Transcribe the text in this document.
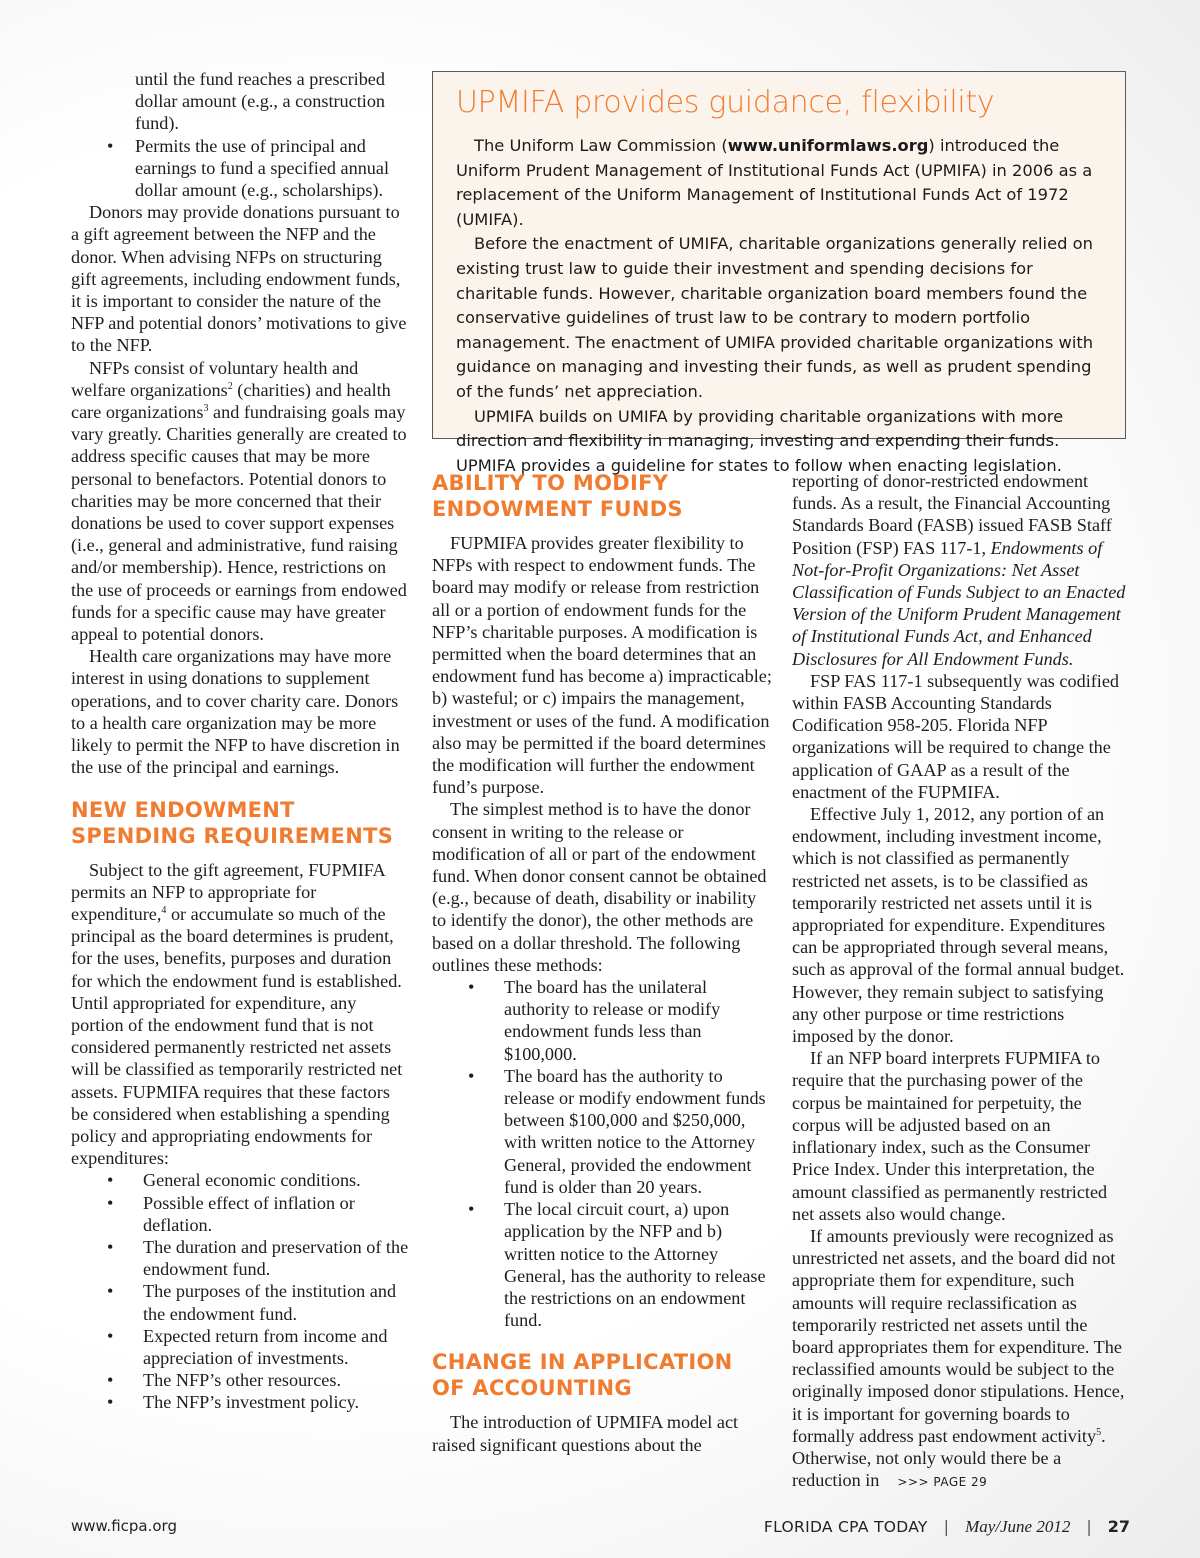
UPMIFA provides guidance, flexibility

The Uniform Law Commission (www.uniformlaws.org) introduced the Uniform Prudent Management of Institutional Funds Act (UPMIFA) in 2006 as a replacement of the Uniform Management of Institutional Funds Act of 1972 (UMIFA).

Before the enactment of UMIFA, charitable organizations generally relied on existing trust law to guide their investment and spending decisions for charitable funds. However, charitable organization board members found the conservative guidelines of trust law to be contrary to modern portfolio management. The enactment of UMIFA provided charitable organizations with guidance on managing and investing their funds, as well as prudent spending of the funds’ net appreciation.

UPMIFA builds on UMIFA by providing charitable organizations with more direction and flexibility in managing, investing and expending their funds. UPMIFA provides a guideline for states to follow when enacting legislation.

until the fund reaches a prescribed dollar amount (e.g., a construction fund).
• Permits the use of principal and earnings to fund a specified annual dollar amount (e.g., scholarships).

Donors may provide donations pursuant to a gift agreement between the NFP and the donor. When advising NFPs on structuring gift agreements, including endowment funds, it is important to consider the nature of the NFP and potential donors’ motivations to give to the NFP.

NFPs consist of voluntary health and welfare organizations$^2$ (charities) and health care organizations$^3$ and fundraising goals may vary greatly. Charities generally are created to address specific causes that may be more personal to benefactors. Potential donors to charities may be more concerned that their donations be used to cover support expenses (i.e., general and administrative, fund raising and/or membership). Hence, restrictions on the use of proceeds or earnings from endowed funds for a specific cause may have greater appeal to potential donors.

Health care organizations may have more interest in using donations to supplement operations, and to cover charity care. Donors to a health care organization may be more likely to permit the NFP to have discretion in the use of the principal and earnings.

NEW ENDOWMENT SPENDING REQUIREMENTS

Subject to the gift agreement, FUPMIFA permits an NFP to appropriate for expenditure,$^4$ or accumulate so much of the principal as the board determines is prudent, for the uses, benefits, purposes and duration for which the endowment fund is established. Until appropriated for expenditure, any portion of the endowment fund that is not considered permanently restricted net assets will be classified as temporarily restricted net assets. FUPMIFA requires that these factors be considered when establishing a spending policy and appropriating endowments for expenditures:

• General economic conditions.
• Possible effect of inflation or deflation.
• The duration and preservation of the endowment fund.
• The purposes of the institution and the endowment fund.
• Expected return from income and appreciation of investments.
• The NFP’s other resources.
• The NFP’s investment policy.
ABILITY TO MODIFY ENDOWMENT FUNDS

FUPMIFA provides greater flexibility to NFPs with respect to endowment funds. The board may modify or release from restriction all or a portion of endowment funds for the NFP’s charitable purposes. A modification is permitted when the board determines that an endowment fund has become a) impracticable; b) wasteful; or c) impairs the management, investment or uses of the fund. A modification also may be permitted if the board determines the modification will further the endowment fund’s purpose.

The simplest method is to have the donor consent in writing to the release or modification of all or part of the endowment fund. When donor consent cannot be obtained (e.g., because of death, disability or inability to identify the donor), the other methods are based on a dollar threshold. The following outlines these methods:

• The board has the unilateral authority to release or modify endowment funds less than $100,000.
• The board has the authority to release or modify endowment funds between $100,000 and $250,000, with written notice to the Attorney General, provided the endowment fund is older than 20 years.
• The local circuit court, a) upon application by the NFP and b) written notice to the Attorney General, has the authority to release the restrictions on an endowment fund.
CHANGE IN APPLICATION OF ACCOUNTING

The introduction of UPMIFA model act raised significant questions about the

reporting of donor-restricted endowment funds. As a result, the Financial Accounting Standards Board (FASB) issued FASB Staff Position (FSP) FAS 117-1, Endowments of Not-for-Profit Organizations: Net Asset Classification of Funds Subject to an Enacted Version of the Uniform Prudent Management of Institutional Funds Act, and Enhanced Disclosures for All Endowment Funds.

FSP FAS 117-1 subsequently was codified within FASB Accounting Standards Codification 958-205. Florida NFP organizations will be required to change the application of GAAP as a result of the enactment of the FUPMIFA.

Effective July 1, 2012, any portion of an endowment, including investment income, which is not classified as permanently restricted net assets, is to be classified as temporarily restricted net assets until it is appropriated for expenditure. Expenditures can be appropriated through several means, such as approval of the formal annual budget. However, they remain subject to satisfying any other purpose or time restrictions imposed by the donor.

If an NFP board interprets FUPMIFA to require that the purchasing power of the corpus be maintained for perpetuity, the corpus will be adjusted based on an inflationary index, such as the Consumer Price Index. Under this interpretation, the amount classified as permanently restricted net assets also would change.

If amounts previously were recognized as unrestricted net assets, and the board did not appropriate them for expenditure, such amounts will require reclassification as temporarily restricted net assets until the board appropriates them for expenditure. The reclassified amounts would be subject to the originally imposed donor stipulations. Hence, it is important for governing boards to formally address past endowment activity$^5$. Otherwise, not only would there be a reduction in >>> PAGE 29

www.ficpa.org	FLORIDA CPA TODAY | May/June 2012 | 27
